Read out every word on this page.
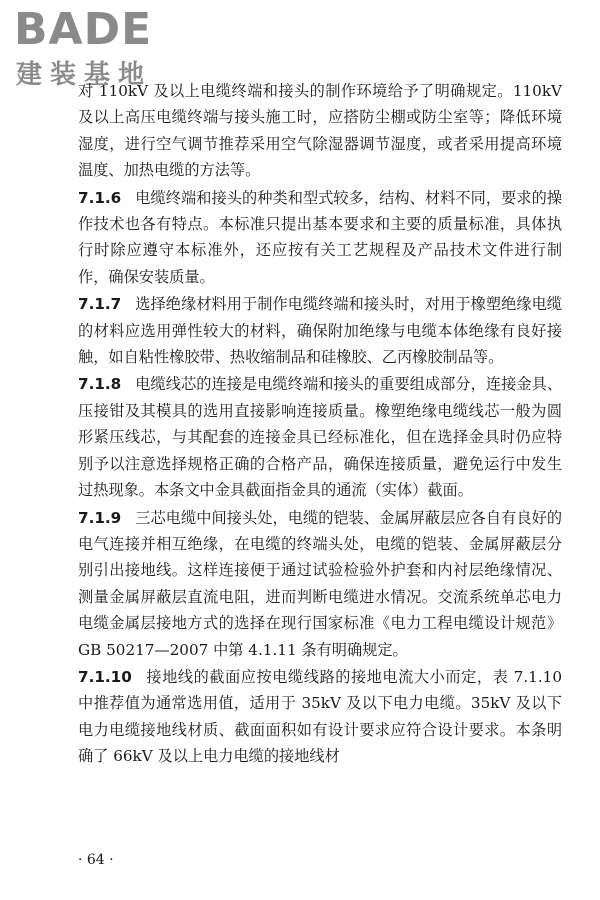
BADE
建装基地

对 110kV 及以上电缆终端和接头的制作环境给予了明确规定。110kV 及以上高压电缆终端与接头施工时，应搭防尘棚或防尘室等；降低环境湿度，进行空气调节推荐采用空气除湿器调节湿度，或者采用提高环境温度、加热电缆的方法等。

7.1.6 电缆终端和接头的种类和型式较多，结构、材料不同，要求的操作技术也各有特点。本标准只提出基本要求和主要的质量标准，具体执行时除应遵守本标准外，还应按有关工艺规程及产品技术文件进行制作，确保安装质量。

7.1.7 选择绝缘材料用于制作电缆终端和接头时，对用于橡塑绝缘电缆的材料应选用弹性较大的材料，确保附加绝缘与电缆本体绝缘有良好接触，如自粘性橡胶带、热收缩制品和硅橡胶、乙丙橡胶制品等。

7.1.8 电缆线芯的连接是电缆终端和接头的重要组成部分，连接金具、压接钳及其模具的选用直接影响连接质量。橡塑绝缘电缆线芯一般为圆形紧压线芯，与其配套的连接金具已经标准化，但在选择金具时仍应特别予以注意选择规格正确的合格产品，确保连接质量，避免运行中发生过热现象。本条文中金具截面指金具的通流（实体）截面。

7.1.9 三芯电缆中间接头处，电缆的铠装、金属屏蔽层应各自有良好的电气连接并相互绝缘，在电缆的终端头处，电缆的铠装、金属屏蔽层分别引出接地线。这样连接便于通过试验检验外护套和内衬层绝缘情况、测量金属屏蔽层直流电阻，进而判断电缆进水情况。交流系统单芯电力电缆金属层接地方式的选择在现行国家标准《电力工程电缆设计规范》GB 50217—2007 中第 4.1.11 条有明确规定。

7.1.10 接地线的截面应按电缆线路的接地电流大小而定，表 7.1.10 中推荐值为通常选用值，适用于 35kV 及以下电力电缆。35kV 及以下电力电缆接地线材质、截面面积如有设计要求应符合设计要求。本条明确了 66kV 及以上电力电缆的接地线材

· 64 ·
